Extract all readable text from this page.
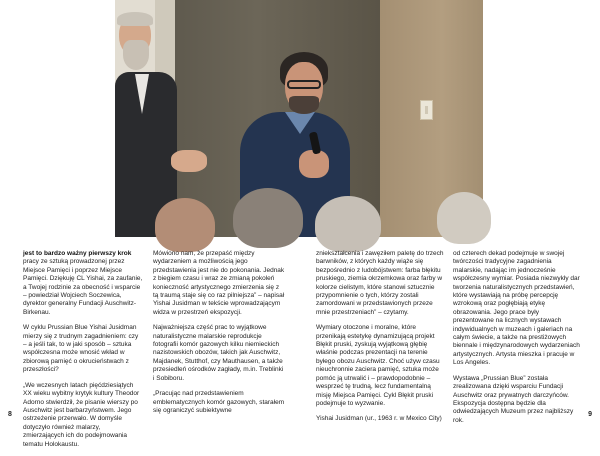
jest to bardzo ważny pierwszy krok pracy ze sztuką prowadzonej przez Miejsce Pamięci i poprzez Miejsce Pamięci. Dziękuję CL Yishai, za zaufanie, a Twojej rodzinie za obecność i wsparcie – powiedział Wojciech Soczewica, dyrektor generalny Fundacji Auschwitz-Birkenau.

W cyklu Prussian Blue Yishai Jusidman mierzy się z trudnym zagadnieniem: czy – a jeśli tak, to w jaki sposób – sztuka współczesna może wnosić wkład w zbiorową pamięć o okrucieństwach z przeszłości?

„We wczesnych latach pięćdziesiątych XX wieku wybitny krytyk kultury Theodor Adorno stwierdził, że pisanie wierszy po Auschwitz jest barbarzyństwem. Jego ostrzeżenie przerwało. W domyśle dotyczyło również malarzy, zmierzających ich do podejmowania tematu Holokaustu.

Mówiono nam, że przepaść między wydarzeniem a możliwością jego przedstawienia jest nie do pokonania. Jednak z biegiem czasu i wraz ze zmianą pokoleń konieczność artystycznego zmierzenia się z tą traumą staje się co raz pilniejsza” – napisał Yishai Jusidman w tekście wprowadzającym widza w przestrzeń ekspozycji.

Najważniejsza część prac to wyjątkowe naturalistyczne malarskie reprodukcje fotografii komór gazowych kilku niemieckich nazistowskich obozów, takich jak Auschwitz, Majdanek, Stutthof, czy Mauthausen, a także przesiedleń ośrodków zagłady, m.in. Treblinki i Sobiboru.

„Pracując nad przedstawieniem emblematycznych komór gazowych, starałem się ograniczyć subiektywne

zniekształcenia i zawęziłem paletę do trzech barwników, z których każdy wiąże się bezpośrednio z ludobójstwem: farba błękitu pruskiego, ziemia okrzemkowa oraz farby w kolorze cielistym, które stanowi sztucznie przypomnienie o tych, którzy zostali zamordowani w przedstawionych przeze mnie przestrzeniach” – czytamy.

Wymiary otoczone i moralne, które przenikają estetykę dynamizującą projekt Błękit pruski, zyskują wyjątkową głębię właśnie podczas prezentacji na terenie byłego obozu Auschwitz. Choć używ czasu nieuchronnie zaciera pamięć, sztuka może pomóc ją utrwalić i – prawdopodobnie – wesprzeć tę trudną, lecz fundamentalną misję Miejsca Pamięci. Cykl Błękit pruski podejmuje to wyzwanie.

Yishai Jusidman (ur., 1963 r. w Mexico City)

od czterech dekad podejmuje w swojej twórczości tradycyjne zagadnienia malarskie, nadając im jednocześnie współczesny wymiar. Posiada niezwykły dar tworzenia naturalistycznych przedstawień, które wystawiają na próbę percepcję wzrokową oraz pogłębiają etykę obrazowania. Jego prace były prezentowane na licznych wystawach indywidualnych w muzeach i galeriach na całym świecie, a także na prestiżowych biennale i międzynarodowych wydarzeniach artystycznych. Artysta mieszka i pracuje w Los Angeles.

Wystawa „Prussian Blue” została zrealizowana dzięki wsparciu Fundacji Auschwitz oraz prywatnych darczyńców. Ekspozycja dostępna będzie dla odwiedzających Muzeum przez najbliższy rok.

8	9
